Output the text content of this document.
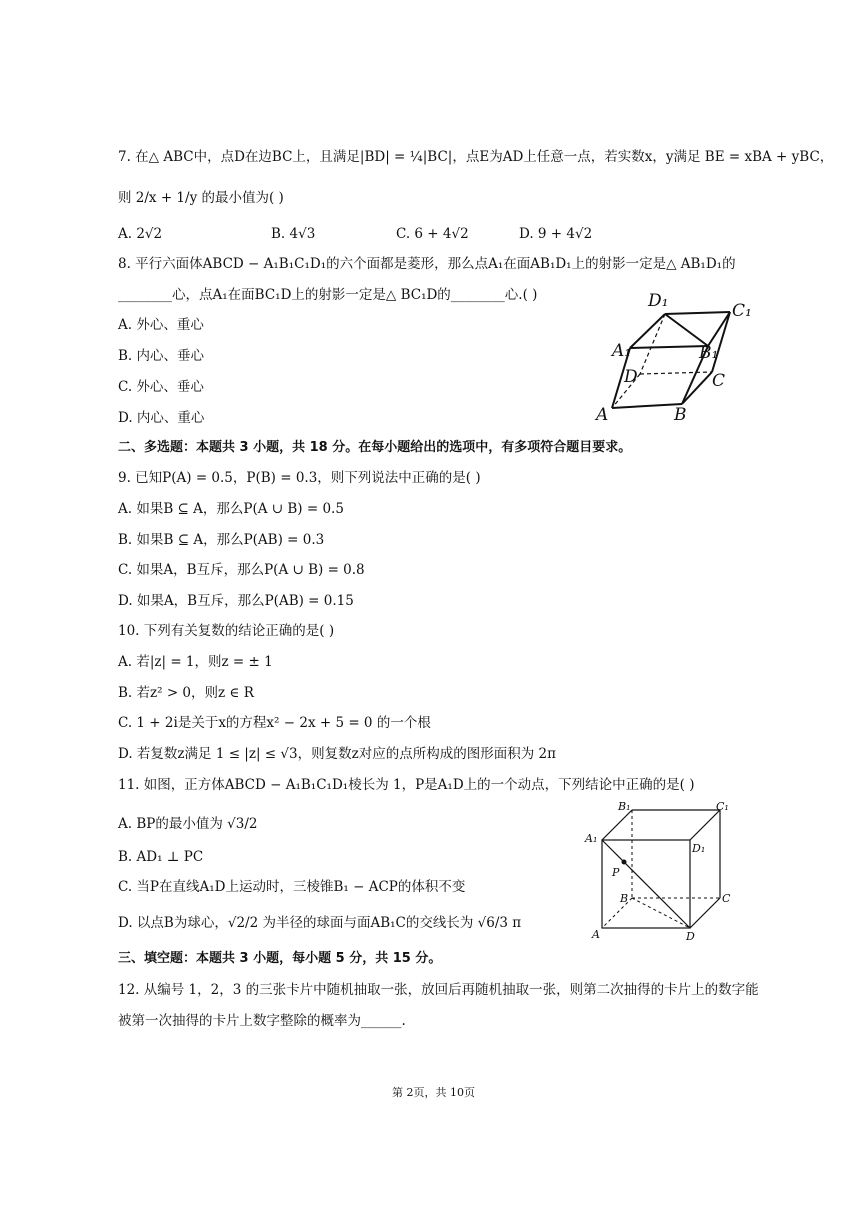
7. 在△ ABC中，点D在边BC上，且满足|BD| = ¼|BC|，点E为AD上任意一点，若实数x，y满足 BE = xBA + yBC，
则 2/x + 1/y 的最小值为( )
A. 2√2	B. 4√3	C. 6 + 4√2	D. 9 + 4√2
8. 平行六面体ABCD − A₁B₁C₁D₁的六个面都是菱形，那么点A₁在面AB₁D₁上的射影一定是△ AB₁D₁的
________心，点A₁在面BC₁D上的射影一定是△ BC₁D的________心.( )
A. 外心、重心
B. 内心、垂心
C. 外心、垂心
D. 内心、重心
D₁	C₁
A₁	B₁
D	C
A	B
二、多选题：本题共 3 小题，共 18 分。在每小题给出的选项中，有多项符合题目要求。
9. 已知P(A) = 0.5，P(B) = 0.3，则下列说法中正确的是( )
A. 如果B ⊆ A，那么P(A ∪ B) = 0.5
B. 如果B ⊆ A，那么P(AB) = 0.3
C. 如果A，B互斥，那么P(A ∪ B) = 0.8
D. 如果A，B互斥，那么P(AB) = 0.15
10. 下列有关复数的结论正确的是( )
A. 若|z| = 1，则z = ± 1
B. 若z² > 0，则z ∈ R
C. 1 + 2i是关于x的方程x² − 2x + 5 = 0 的一个根
D. 若复数z满足 1 ≤ |z| ≤ √3，则复数z对应的点所构成的图形面积为 2π
11. 如图，正方体ABCD − A₁B₁C₁D₁棱长为 1，P是A₁D上的一个动点，下列结论中正确的是( )
A. BP的最小值为 √3/2
B. AD₁ ⊥ PC
C. 当P在直线A₁D上运动时，三棱锥B₁ − ACP的体积不变
D. 以点B为球心，√2/2 为半径的球面与面AB₁C的交线长为 √6/3 π
B₁	C₁
A₁
D₁
P
B	C
A	D
三、填空题：本题共 3 小题，每小题 5 分，共 15 分。
12. 从编号 1，2，3 的三张卡片中随机抽取一张，放回后再随机抽取一张，则第二次抽得的卡片上的数字能
被第一次抽得的卡片上数字整除的概率为______.
第 2页，共 10页
